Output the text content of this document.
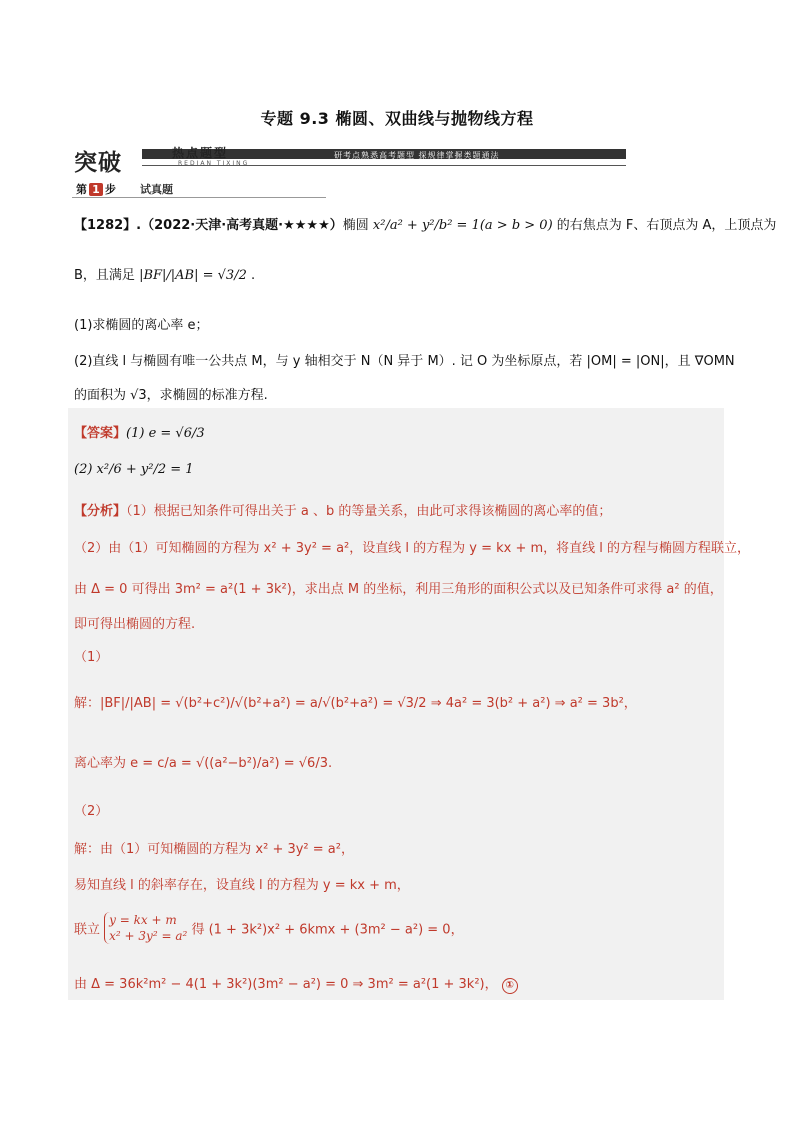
专题 9.3 椭圆、双曲线与抛物线方程
突破	热点题型
REDIAN TIXING
研考点熟悉高考题型 探规律掌握类题通法
第 1 步 试真题
【1282】.（2022·天津·高考真题·★★★★）椭圆 x²/a² + y²/b² = 1(a > b > 0) 的右焦点为 F、右顶点为 A，上顶点为
B，且满足 |BF|/|AB| = √3/2 .
(1)求椭圆的离心率 e；
(2)直线 l 与椭圆有唯一公共点 M，与 y 轴相交于 N（N 异于 M）. 记 O 为坐标原点，若 |OM| = |ON|，且 ∇OMN
的面积为 √3，求椭圆的标准方程.
【答案】(1) e = √6/3
(2) x²/6 + y²/2 = 1
【分析】（1）根据已知条件可得出关于 a 、b 的等量关系，由此可求得该椭圆的离心率的值；
（2）由（1）可知椭圆的方程为 x² + 3y² = a²，设直线 l 的方程为 y = kx + m，将直线 l 的方程与椭圆方程联立，
由 Δ = 0 可得出 3m² = a²(1 + 3k²)，求出点 M 的坐标，利用三角形的面积公式以及已知条件可求得 a² 的值，
即可得出椭圆的方程.
（1）
解：|BF|/|AB| = √(b²+c²)/√(b²+a²) = a/√(b²+a²) = √3/2 ⇒ 4a² = 3(b² + a²) ⇒ a² = 3b²，
离心率为 e = c/a = √((a²−b²)/a²) = √6/3.
（2）
解：由（1）可知椭圆的方程为 x² + 3y² = a²，
易知直线 l 的斜率存在，设直线 l 的方程为 y = kx + m，
联立
y = kx + m
x² + 3y² = a² 得 (1 + 3k²)x² + 6kmx + (3m² − a²) = 0，
由 Δ = 36k²m² − 4(1 + 3k²)(3m² − a²) = 0 ⇒ 3m² = a²(1 + 3k²)， ①
